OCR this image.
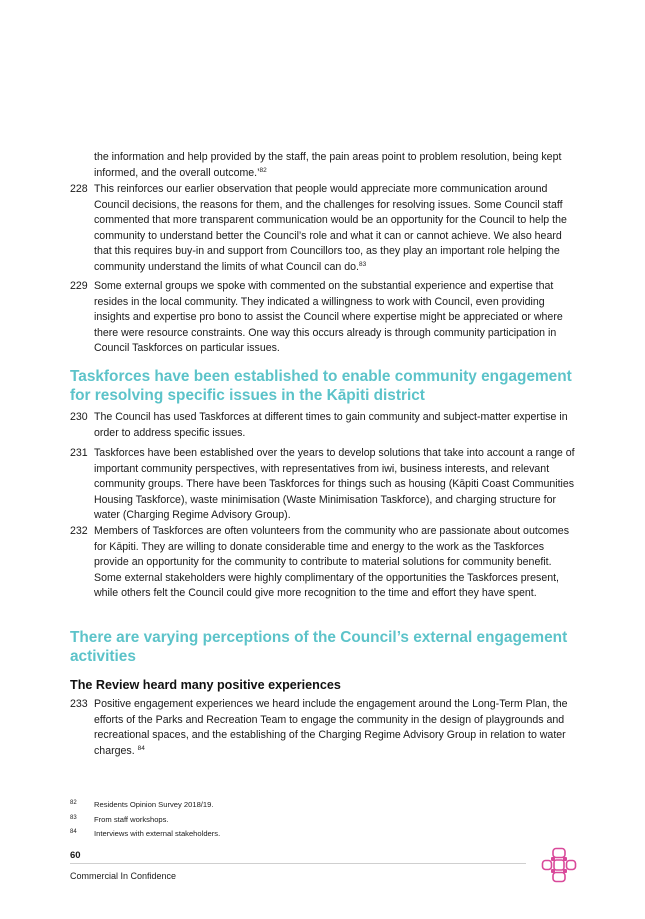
the information and help provided by the staff, the pain areas point to problem resolution, being kept informed, and the overall outcome.’$^{82}$
228 This reinforces our earlier observation that people would appreciate more communication around Council decisions, the reasons for them, and the challenges for resolving issues. Some Council staff commented that more transparent communication would be an opportunity for the Council to help the community to understand better the Council’s role and what it can or cannot achieve. We also heard that this requires buy-in and support from Councillors too, as they play an important role helping the community understand the limits of what Council can do.$^{83}$
229 Some external groups we spoke with commented on the substantial experience and expertise that resides in the local community. They indicated a willingness to work with Council, even providing insights and expertise pro bono to assist the Council where expertise might be appreciated or where there were resource constraints. One way this occurs already is through community participation in Council Taskforces on particular issues.
Taskforces have been established to enable community engagement for resolving specific issues in the Kāpiti district
230 The Council has used Taskforces at different times to gain community and subject-matter expertise in order to address specific issues.
231 Taskforces have been established over the years to develop solutions that take into account a range of important community perspectives, with representatives from iwi, business interests, and relevant community groups. There have been Taskforces for things such as housing (Kāpiti Coast Communities Housing Taskforce), waste minimisation (Waste Minimisation Taskforce), and charging structure for water (Charging Regime Advisory Group).
232 Members of Taskforces are often volunteers from the community who are passionate about outcomes for Kāpiti. They are willing to donate considerable time and energy to the work as the Taskforces provide an opportunity for the community to contribute to material solutions for community benefit. Some external stakeholders were highly complimentary of the opportunities the Taskforces present, while others felt the Council could give more recognition to the time and effort they have spent.
There are varying perceptions of the Council’s external engagement activities
The Review heard many positive experiences
233 Positive engagement experiences we heard include the engagement around the Long-Term Plan, the efforts of the Parks and Recreation Team to engage the community in the design of playgrounds and recreational spaces, and the establishing of the Charging Regime Advisory Group in relation to water charges. $^{84}$
82 Residents Opinion Survey 2018/19.
83 From staff workshops.
84 Interviews with external stakeholders.
60
Commercial In Confidence
